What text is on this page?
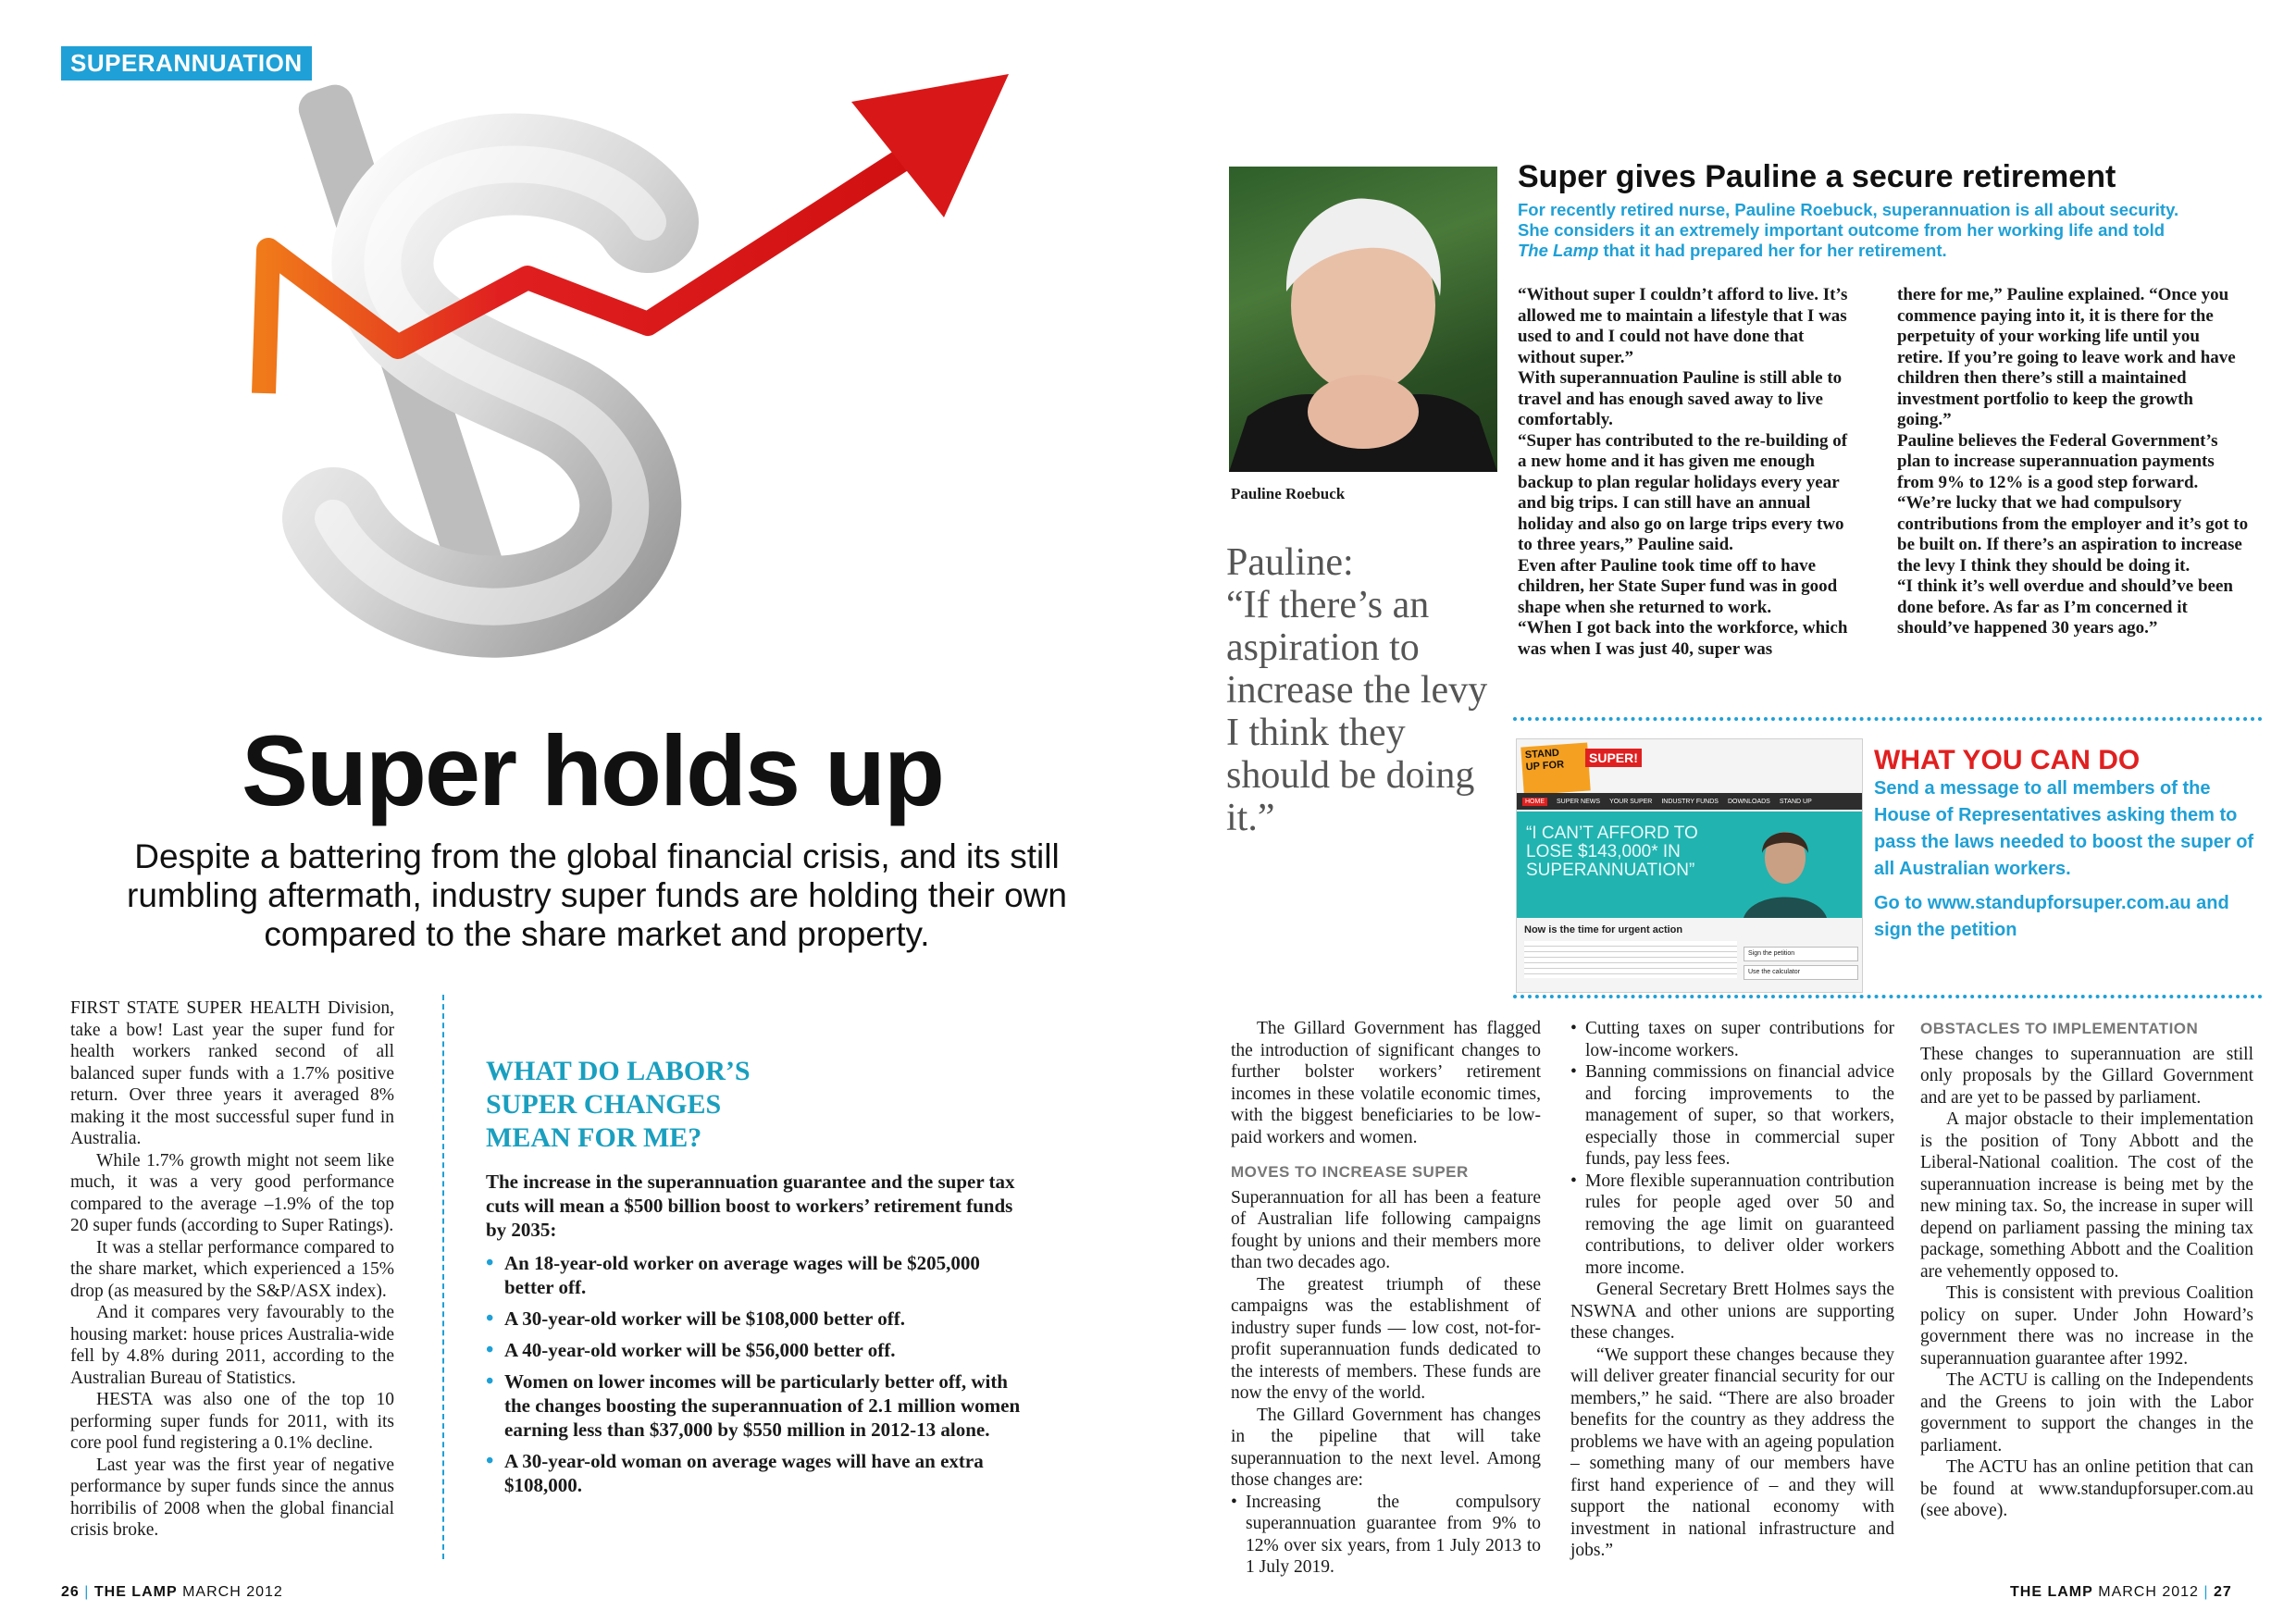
SUPERANNUATION
Super holds up
Despite a battering from the global financial crisis, and its still rumbling aftermath, industry super funds are holding their own compared to the share market and property.

FIRST STATE SUPER HEALTH Division, take a bow! Last year the super fund for health workers ranked second of all balanced super funds with a 1.7% positive return. Over three years it averaged 8% making it the most successful super fund in Australia.

While 1.7% growth might not seem like much, it was a very good performance compared to the average –1.9% of the top 20 super funds (according to Super Ratings).

It was a stellar performance compared to the share market, which experienced a 15% drop (as measured by the S&P/ASX index).

And it compares very favourably to the housing market: house prices Australia-wide fell by 4.8% during 2011, according to the Australian Bureau of Statistics.

HESTA was also one of the top 10 performing super funds for 2011, with its core pool fund registering a 0.1% decline.

Last year was the first year of negative performance by super funds since the annus horribilis of 2008 when the global financial crisis broke.

WHAT DO LABOR’S
SUPER CHANGES
MEAN FOR ME?
The increase in the superannuation guarantee and the super tax cuts will mean a $500 billion boost to workers’ retirement funds by 2035:
• An 18-year-old worker on average wages will be $205,000 better off.
• A 30-year-old worker will be $108,000 better off.
• A 40-year-old worker will be $56,000 better off.
• Women on lower incomes will be particularly better off, with the changes boosting the superannuation of 2.1 million women earning less than $37,000 by $550 million in 2012-13 alone.
• A 30-year-old woman on average wages will have an extra $108,000.
26 | THE LAMP MARCH 2012
Pauline Roebuck
Pauline:
“If there’s an aspiration to increase the levy I think they should be doing it.”
Super gives Pauline a secure retirement
For recently retired nurse, Pauline Roebuck, superannuation is all about security. She considers it an extremely important outcome from her working life and told The Lamp that it had prepared her for her retirement.

“Without super I couldn’t afford to live. It’s allowed me to maintain a lifestyle that I was used to and I could not have done that without super.”

With superannuation Pauline is still able to travel and has enough saved away to live comfortably.

“Super has contributed to the re-building of a new home and it has given me enough backup to plan regular holidays every year and big trips. I can still have an annual holiday and also go on large trips every two to three years,” Pauline said.

Even after Pauline took time off to have children, her State Super fund was in good shape when she returned to work.

“When I got back into the workforce, which was when I was just 40, super was

there for me,” Pauline explained. “Once you commence paying into it, it is there for the perpetuity of your working life until you retire. If you’re going to leave work and have children then there’s still a maintained investment portfolio to keep the growth going.”

Pauline believes the Federal Government’s plan to increase superannuation payments from 9% to 12% is a good step forward.

“We’re lucky that we had compulsory contributions from the employer and it’s got to be built on. If there’s an aspiration to increase the levy I think they should be doing it.

“I think it’s well overdue and should’ve been done before. As far as I’m concerned it should’ve happened 30 years ago.”

STAND
UP FOR
SUPER!
HOME	SUPER NEWS YOUR SUPER INDUSTRY FUNDS DOWNLOADS STAND UP
“I CAN’T AFFORD TO
LOSE $143,000* IN
SUPERANNUATION”
Now is the time for urgent action
Sign the petition
Use the calculator
WHAT YOU CAN DO
Send a message to all members of the House of Representatives asking them to pass the laws needed to boost the super of all Australian workers.
Go to www.standupforsuper.com.au and sign the petition

The Gillard Government has flagged the introduction of significant changes to further bolster workers’ retirement incomes in these volatile economic times, with the biggest beneficiaries to be low-paid workers and women.

MOVES TO INCREASE SUPER

Superannuation for all has been a feature of Australian life following campaigns fought by unions and their members more than two decades ago.

The greatest triumph of these campaigns was the establishment of industry super funds — low cost, not-for-profit superannuation funds dedicated to the interests of members. These funds are now the envy of the world.

The Gillard Government has changes in the pipeline that will take superannuation to the next level. Among those changes are:

• Increasing the compulsory superannuation guarantee from 9% to 12% over six years, from 1 July 2013 to 1 July 2019.
• Cutting taxes on super contributions for low-income workers.
• Banning commissions on financial advice and forcing improvements to the management of super, so that workers, especially those in commercial super funds, pay less fees.
• More flexible superannuation contribution rules for people aged over 50 and removing the age limit on guaranteed contributions, to deliver older workers more income.

General Secretary Brett Holmes says the NSWNA and other unions are supporting these changes.

“We support these changes because they will deliver greater financial security for our members,” he said. “There are also broader benefits for the country as they address the problems we have with an ageing population – something many of our members have first hand experience of – and they will support the national economy with investment in national infrastructure and jobs.”

OBSTACLES TO IMPLEMENTATION

These changes to superannuation are still only proposals by the Gillard Government and are yet to be passed by parliament.

A major obstacle to their implementation is the position of Tony Abbott and the Liberal-National coalition. The cost of the superannuation increase is being met by the new mining tax. So, the increase in super will depend on parliament passing the mining tax package, something Abbott and the Coalition are vehemently opposed to.

This is consistent with previous Coalition policy on super. Under John Howard’s government there was no increase in the superannuation guarantee after 1992.

The ACTU is calling on the Independents and the Greens to join with the Labor government to support the changes in the parliament.

The ACTU has an online petition that can be found at www.standupforsuper.com.au (see above).

THE LAMP MARCH 2012 | 27
